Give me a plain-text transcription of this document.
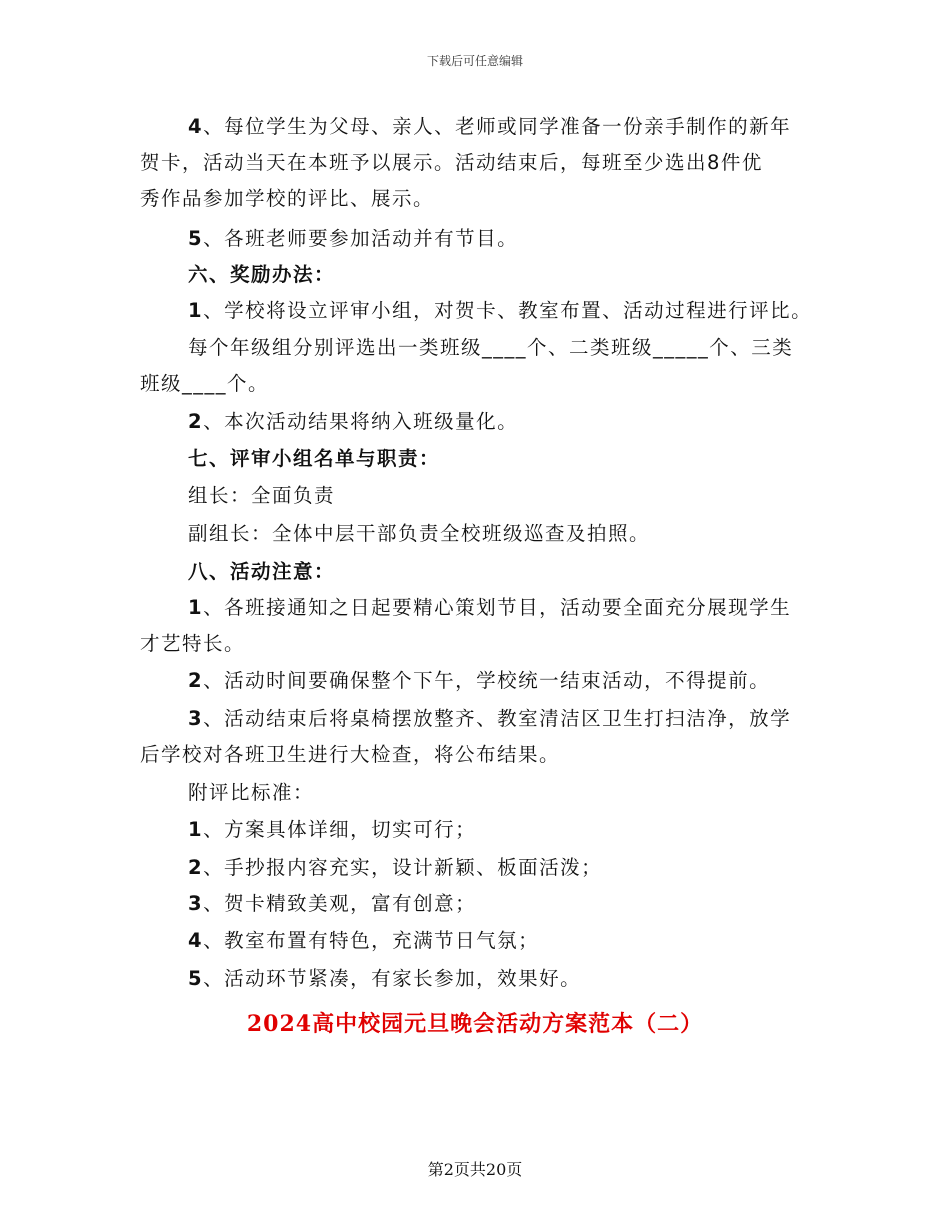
下载后可任意编辑
4、每位学生为父母、亲人、老师或同学准备一份亲手制作的新年
贺卡，活动当天在本班予以展示。活动结束后，每班至少选出8件优
秀作品参加学校的评比、展示。
5、各班老师要参加活动并有节目。
六、奖励办法：
1、学校将设立评审小组，对贺卡、教室布置、活动过程进行评比。
每个年级组分别评选出一类班级____个、二类班级_____个、三类
班级____个。
2、本次活动结果将纳入班级量化。
七、评审小组名单与职责：
组长：全面负责
副组长：全体中层干部负责全校班级巡查及拍照。
八、活动注意：
1、各班接通知之日起要精心策划节目，活动要全面充分展现学生
才艺特长。
2、活动时间要确保整个下午，学校统一结束活动，不得提前。
3、活动结束后将桌椅摆放整齐、教室清洁区卫生打扫洁净，放学
后学校对各班卫生进行大检查，将公布结果。
附评比标准：
1、方案具体详细，切实可行；
2、手抄报内容充实，设计新颖、板面活泼；
3、贺卡精致美观，富有创意；
4、教室布置有特色，充满节日气氛；
5、活动环节紧凑，有家长参加，效果好。
2024高中校园元旦晚会活动方案范本（二）
第2页共20页
